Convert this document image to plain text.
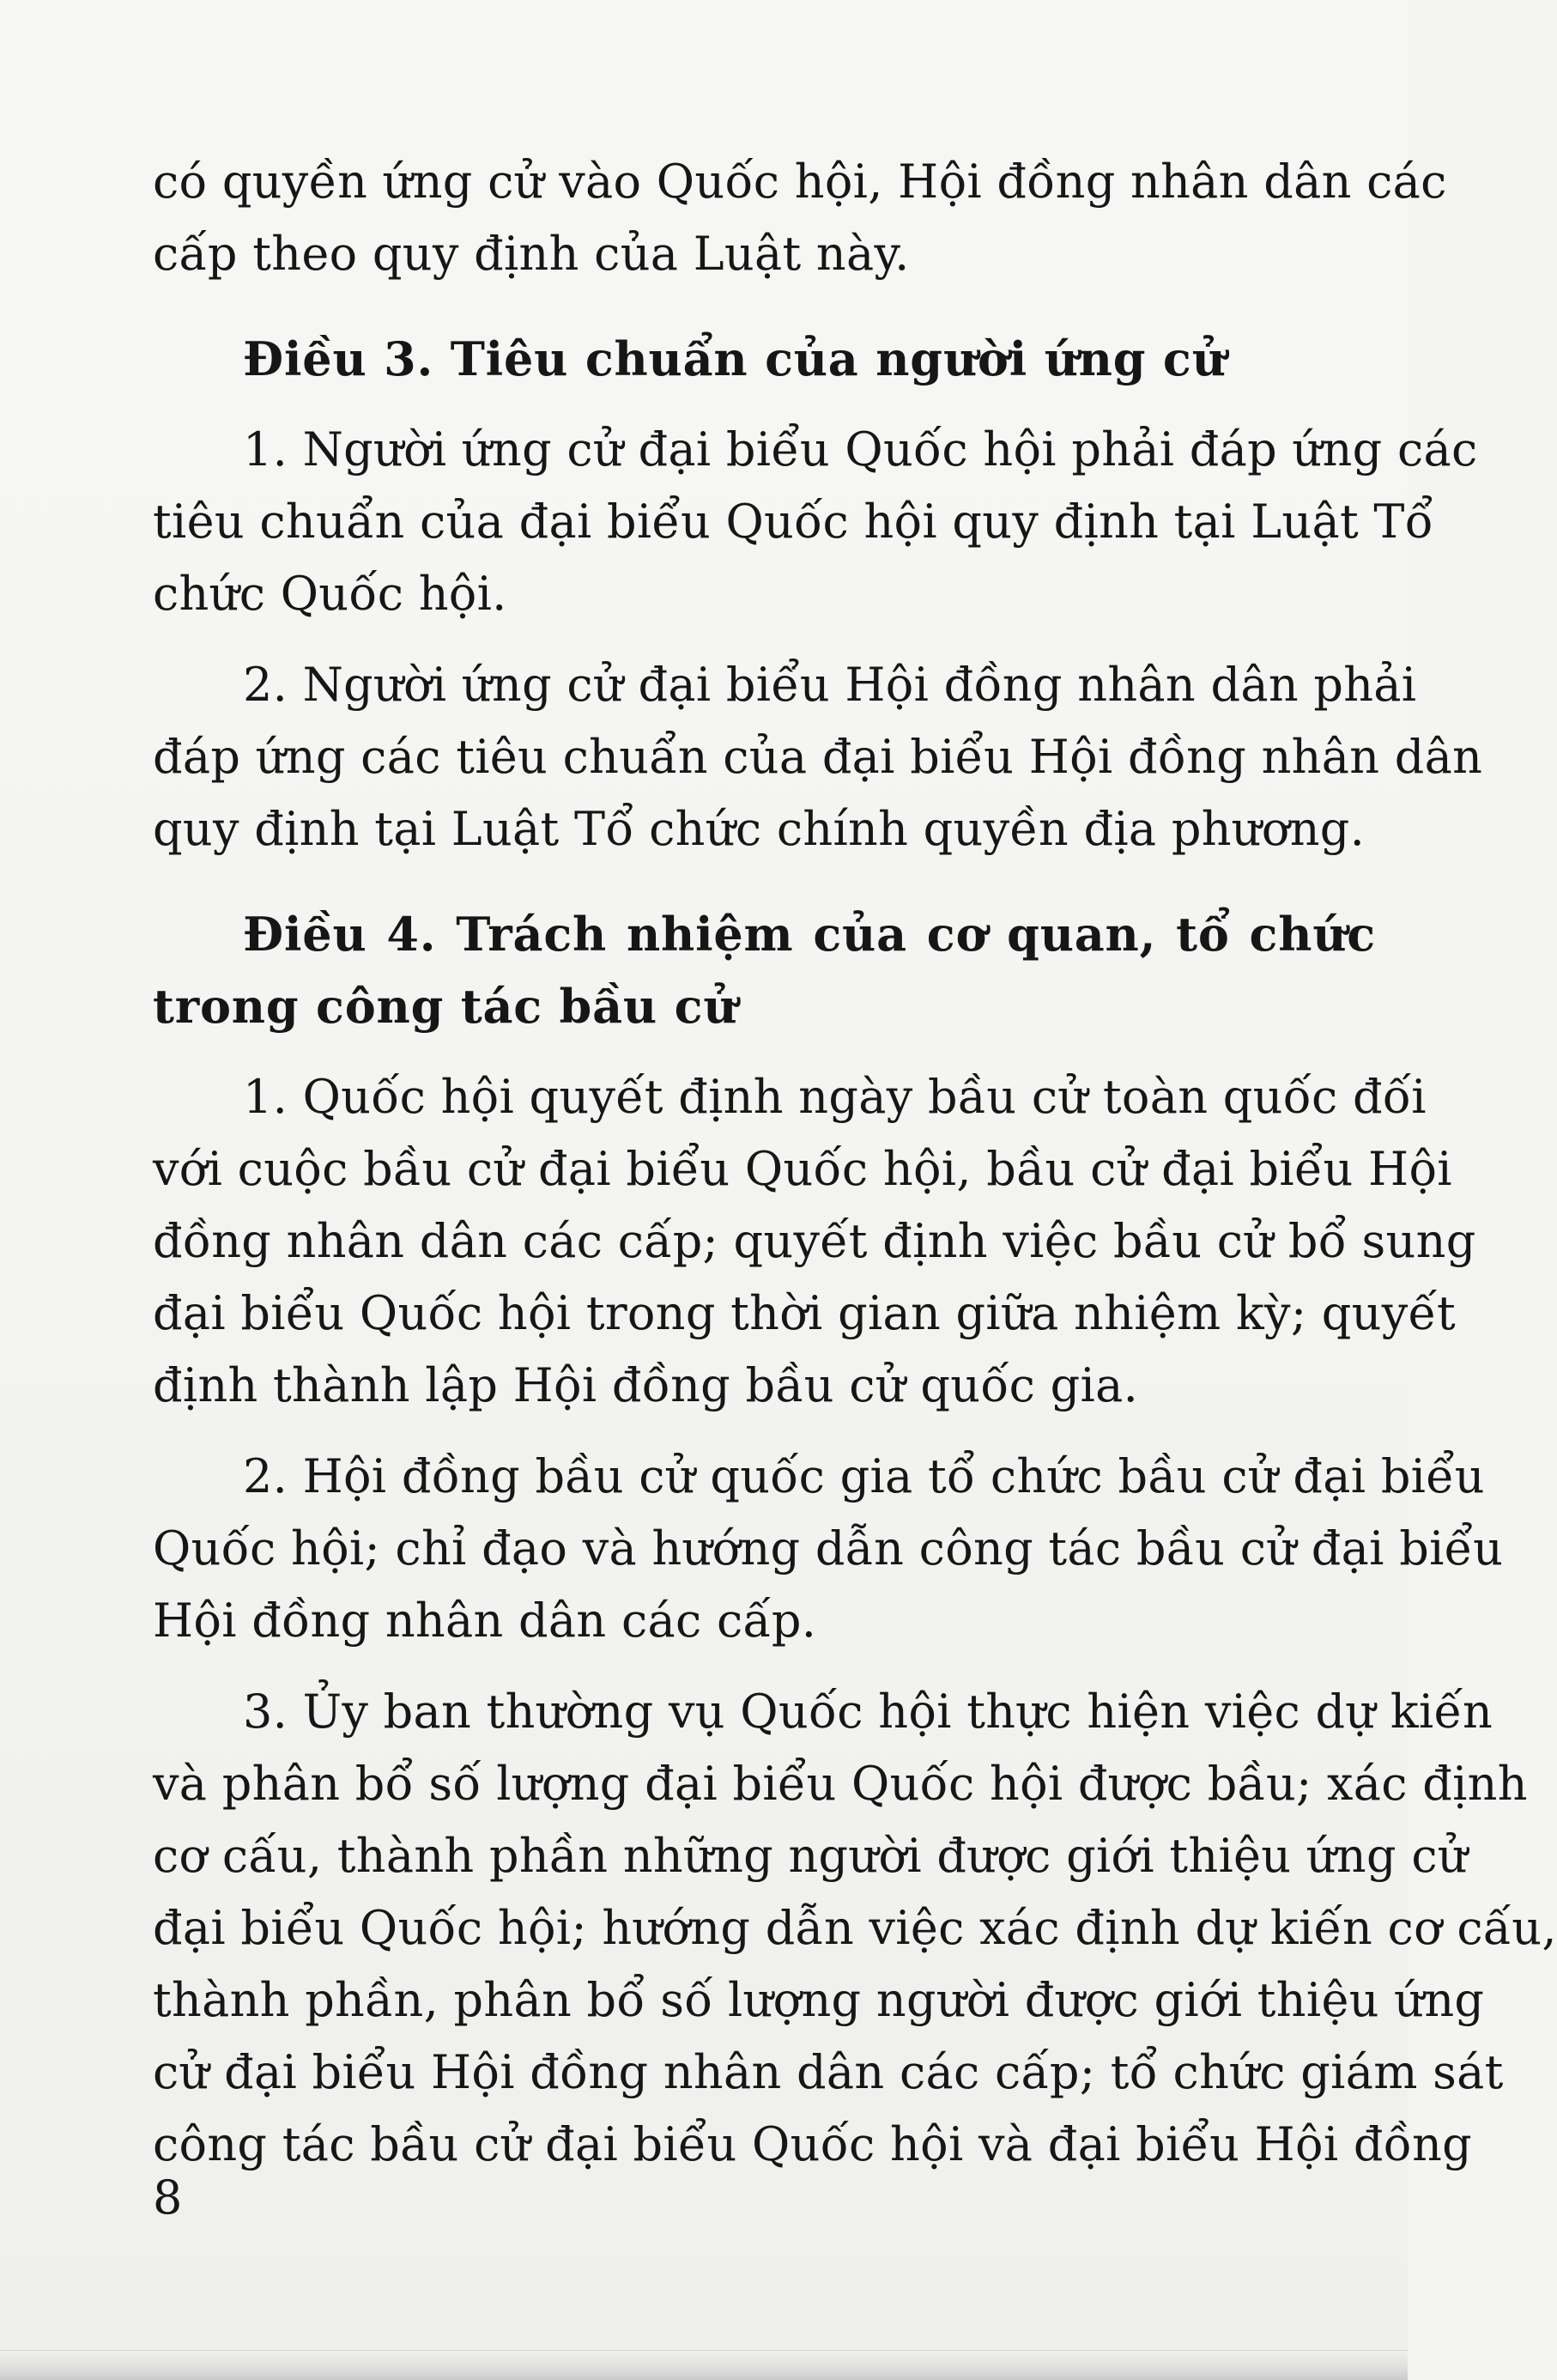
có quyền ứng cử vào Quốc hội, Hội đồng nhân dân các
cấp theo quy định của Luật này.
Điều 3. Tiêu chuẩn của người ứng cử
1. Người ứng cử đại biểu Quốc hội phải đáp ứng các
tiêu chuẩn của đại biểu Quốc hội quy định tại Luật Tổ
chức Quốc hội.
2. Người ứng cử đại biểu Hội đồng nhân dân phải
đáp ứng các tiêu chuẩn của đại biểu Hội đồng nhân dân
quy định tại Luật Tổ chức chính quyền địa phương.
Điều 4. Trách nhiệm của cơ quan, tổ chức
trong công tác bầu cử
1. Quốc hội quyết định ngày bầu cử toàn quốc đối
với cuộc bầu cử đại biểu Quốc hội, bầu cử đại biểu Hội
đồng nhân dân các cấp; quyết định việc bầu cử bổ sung
đại biểu Quốc hội trong thời gian giữa nhiệm kỳ; quyết
định thành lập Hội đồng bầu cử quốc gia.
2. Hội đồng bầu cử quốc gia tổ chức bầu cử đại biểu
Quốc hội; chỉ đạo và hướng dẫn công tác bầu cử đại biểu
Hội đồng nhân dân các cấp.
3. Ủy ban thường vụ Quốc hội thực hiện việc dự kiến
và phân bổ số lượng đại biểu Quốc hội được bầu; xác định
cơ cấu, thành phần những người được giới thiệu ứng cử
đại biểu Quốc hội; hướng dẫn việc xác định dự kiến cơ cấu,
thành phần, phân bổ số lượng người được giới thiệu ứng
cử đại biểu Hội đồng nhân dân các cấp; tổ chức giám sát
công tác bầu cử đại biểu Quốc hội và đại biểu Hội đồng
8
